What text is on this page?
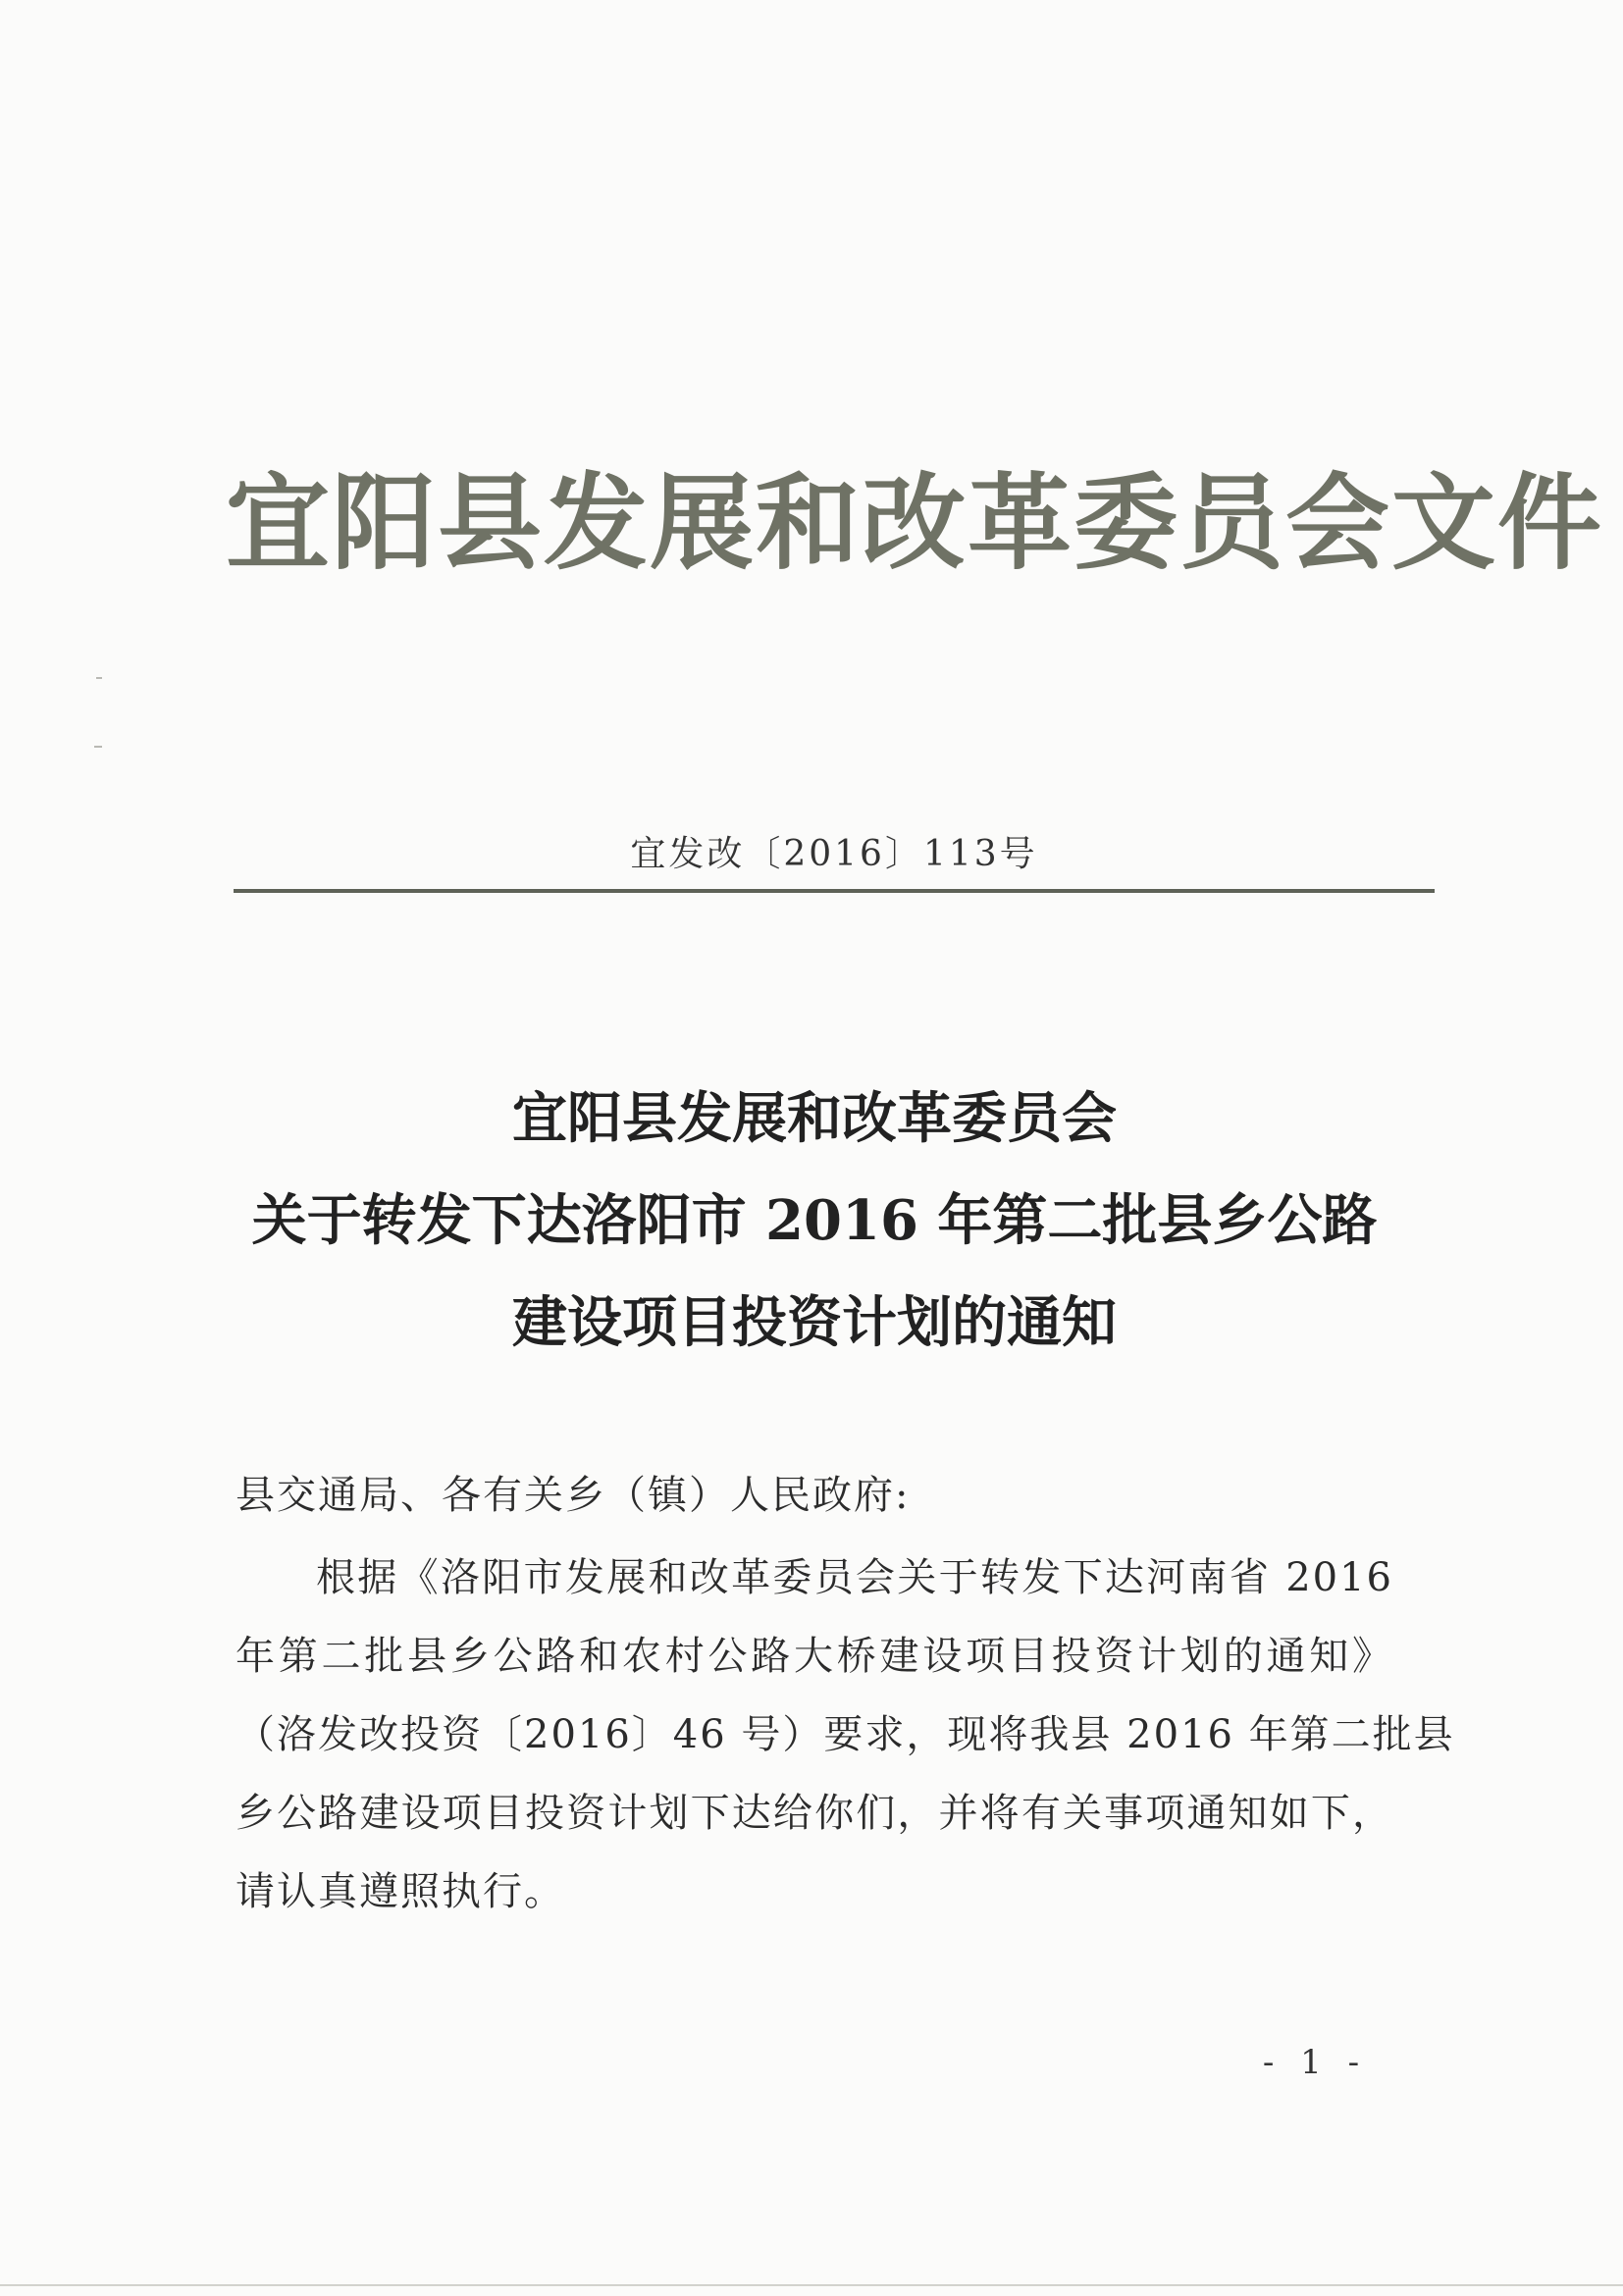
宜阳县发展和改革委员会文件
宜发改〔2016〕113号
宜阳县发展和改革委员会
关于转发下达洛阳市 2016 年第二批县乡公路
建设项目投资计划的通知
县交通局、各有关乡（镇）人民政府:
根据《洛阳市发展和改革委员会关于转发下达河南省 2016
年第二批县乡公路和农村公路大桥建设项目投资计划的通知》
（洛发改投资〔2016〕46 号）要求，现将我县 2016 年第二批县
乡公路建设项目投资计划下达给你们，并将有关事项通知如下，
请认真遵照执行。
- 1 -
